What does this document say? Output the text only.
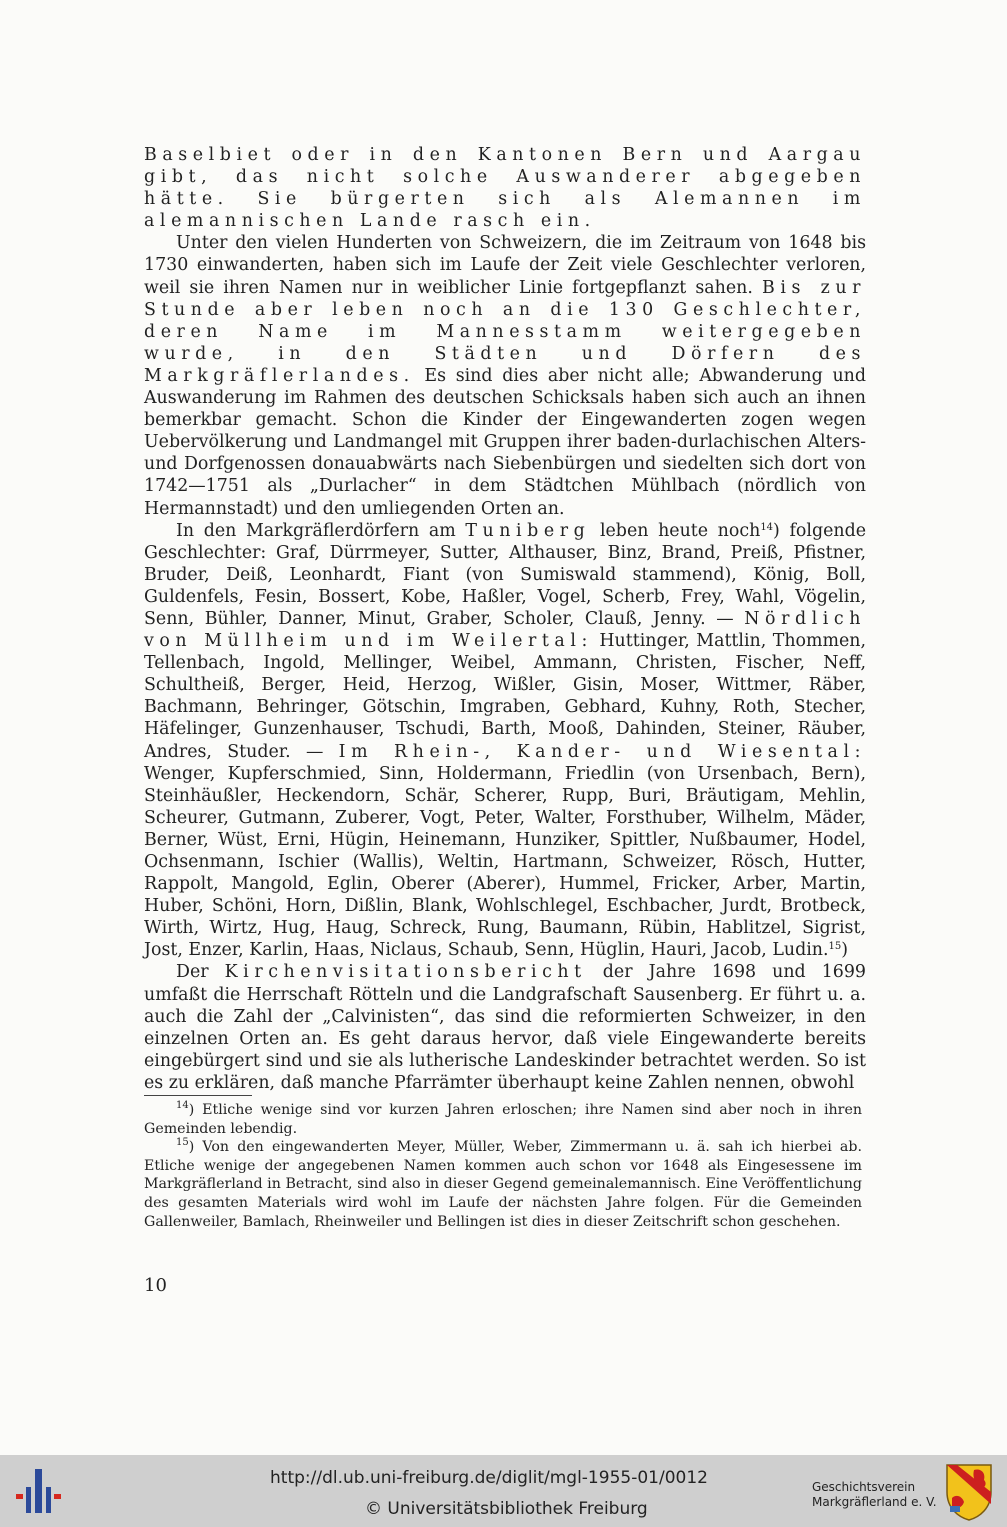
Baselbiet oder in den Kantonen Bern und Aargau gibt, das nicht solche Auswanderer abgegeben hätte. Sie bürgerten sich als Alemannen im alemannischen Lande rasch ein.

Unter den vielen Hunderten von Schweizern, die im Zeitraum von 1648 bis 1730 einwanderten, haben sich im Laufe der Zeit viele Geschlechter verloren, weil sie ihren Namen nur in weiblicher Linie fortgepflanzt sahen. Bis zur Stunde aber leben noch an die 130 Geschlechter, deren Name im Mannesstamm weitergegeben wurde, in den Städten und Dörfern des Markgräflerlandes. Es sind dies aber nicht alle; Abwanderung und Auswanderung im Rahmen des deutschen Schicksals haben sich auch an ihnen bemerkbar gemacht. Schon die Kinder der Eingewanderten zogen wegen Uebervölkerung und Landmangel mit Gruppen ihrer baden-durlachischen Alters- und Dorfgenossen donauabwärts nach Siebenbürgen und siedelten sich dort von 1742—1751 als „Durlacher“ in dem Städtchen Mühlbach (nördlich von Hermannstadt) und den umliegenden Orten an.

In den Markgräflerdörfern am Tuniberg leben heute noch$^{14}$) folgende Geschlechter: Graf, Dürrmeyer, Sutter, Althauser, Binz, Brand, Preiß, Pfistner, Bruder, Deiß, Leonhardt, Fiant (von Sumiswald stammend), König, Boll, Guldenfels, Fesin, Bossert, Kobe, Haßler, Vogel, Scherb, Frey, Wahl, Vögelin, Senn, Bühler, Danner, Minut, Graber, Scholer, Clauß, Jenny. — Nördlich von Müllheim und im Weilertal: Huttinger, Mattlin, Thommen, Tellenbach, Ingold, Mellinger, Weibel, Ammann, Christen, Fischer, Neff, Schultheiß, Berger, Heid, Herzog, Wißler, Gisin, Moser, Wittmer, Räber, Bachmann, Behringer, Götschin, Imgraben, Gebhard, Kuhny, Roth, Stecher, Häfelinger, Gunzenhauser, Tschudi, Barth, Mooß, Dahinden, Steiner, Räuber, Andres, Studer. — Im Rhein-, Kander- und Wiesental: Wenger, Kupferschmied, Sinn, Holdermann, Friedlin (von Ursenbach, Bern), Steinhäußler, Heckendorn, Schär, Scherer, Rupp, Buri, Bräutigam, Mehlin, Scheurer, Gutmann, Zuberer, Vogt, Peter, Walter, Forsthuber, Wilhelm, Mäder, Berner, Wüst, Erni, Hügin, Heinemann, Hunziker, Spittler, Nußbaumer, Hodel, Ochsenmann, Ischier (Wallis), Weltin, Hartmann, Schweizer, Rösch, Hutter, Rappolt, Mangold, Eglin, Oberer (Aberer), Hummel, Fricker, Arber, Martin, Huber, Schöni, Horn, Dißlin, Blank, Wohlschlegel, Eschbacher, Jurdt, Brotbeck, Wirth, Wirtz, Hug, Haug, Schreck, Rung, Baumann, Rübin, Hablitzel, Sigrist, Jost, Enzer, Karlin, Haas, Niclaus, Schaub, Senn, Hüglin, Hauri, Jacob, Ludin.$^{15}$)

Der Kirchenvisitationsbericht der Jahre 1698 und 1699 umfaßt die Herrschaft Rötteln und die Landgrafschaft Sausenberg. Er führt u. a. auch die Zahl der „Calvinisten“, das sind die reformierten Schweizer, in den einzelnen Orten an. Es geht daraus hervor, daß viele Eingewanderte bereits eingebürgert sind und sie als lutherische Landeskinder betrachtet werden. So ist es zu erklären, daß manche Pfarrämter überhaupt keine Zahlen nennen, obwohl

$^{14}$) Etliche wenige sind vor kurzen Jahren erloschen; ihre Namen sind aber noch in ihren Gemeinden lebendig.

$^{15}$) Von den eingewanderten Meyer, Müller, Weber, Zimmermann u. ä. sah ich hierbei ab. Etliche wenige der angegebenen Namen kommen auch schon vor 1648 als Eingesessene im Markgräflerland in Betracht, sind also in dieser Gegend gemeinalemannisch. Eine Veröffentlichung des gesamten Materials wird wohl im Laufe der nächsten Jahre folgen. Für die Gemeinden Gallenweiler, Bamlach, Rheinweiler und Bellingen ist dies in dieser Zeitschrift schon geschehen.

10
http://dl.ub.uni-freiburg.de/diglit/mgl-1955-01/0012
© Universitätsbibliothek Freiburg
Geschichtsverein
Markgräflerland e. V.
